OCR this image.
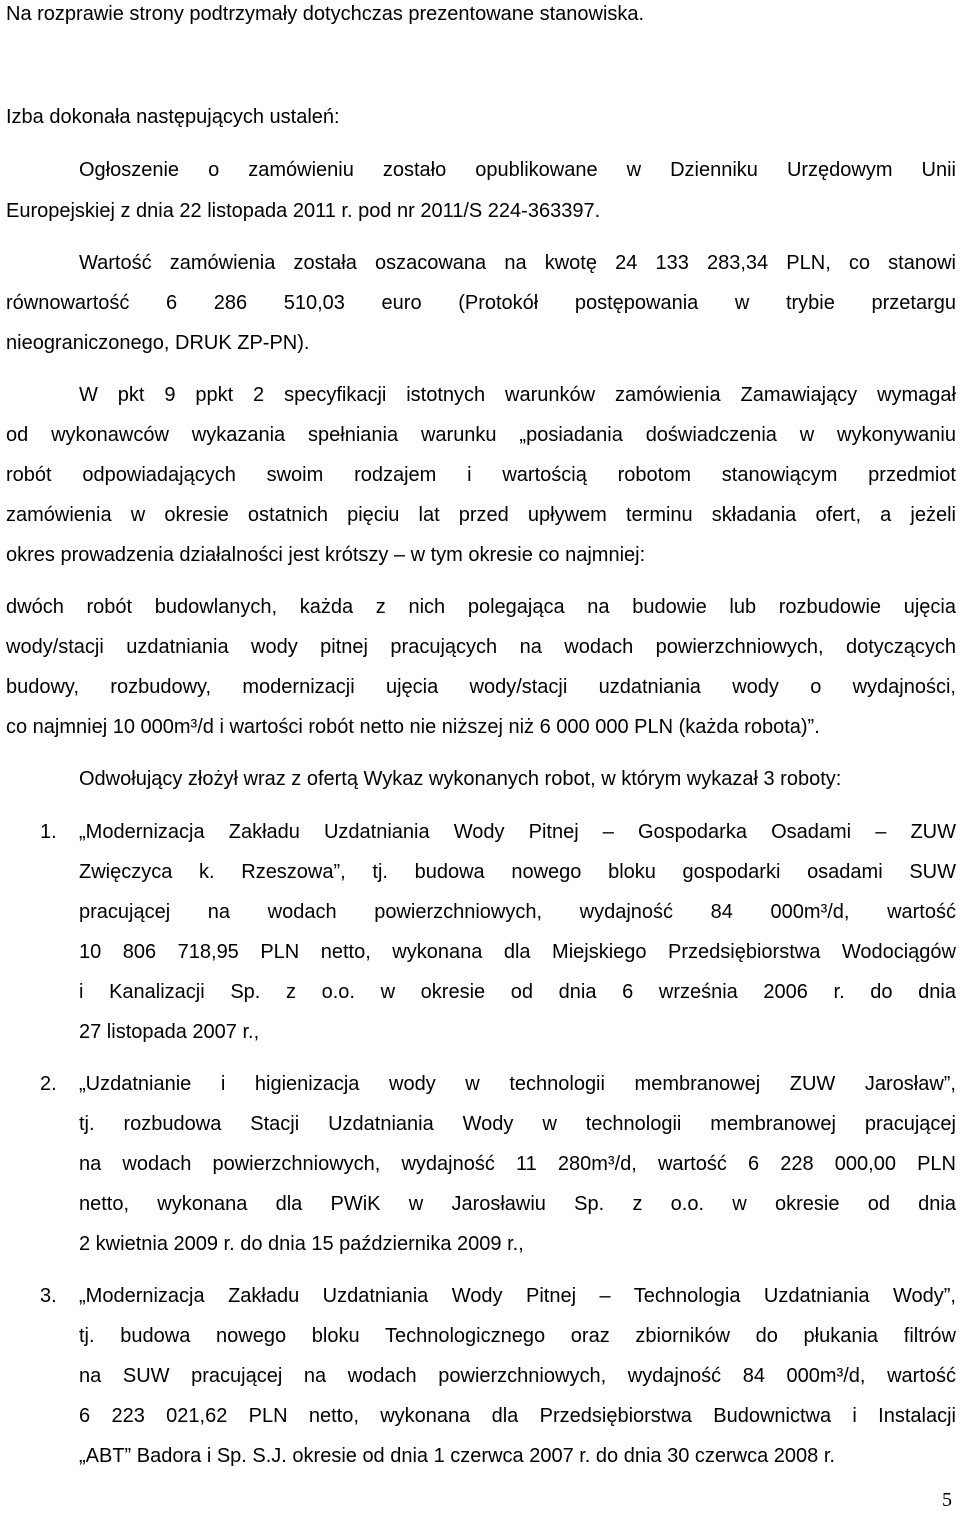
Na rozprawie strony podtrzymały dotychczas prezentowane stanowiska.
Izba dokonała następujących ustaleń:
Ogłoszenie o zamówieniu zostało opublikowane w Dzienniku Urzędowym Unii
Europejskiej z dnia 22 listopada 2011 r. pod nr 2011/S 224-363397.
Wartość zamówienia została oszacowana na kwotę 24 133 283,34 PLN, co stanowi
równowartość 6 286 510,03 euro (Protokół postępowania w trybie przetargu
nieograniczonego, DRUK ZP-PN).
W pkt 9 ppkt 2 specyfikacji istotnych warunków zamówienia Zamawiający wymagał
od wykonawców wykazania spełniania warunku „posiadania doświadczenia w wykonywaniu
robót odpowiadających swoim rodzajem i wartością robotom stanowiącym przedmiot
zamówienia w okresie ostatnich pięciu lat przed upływem terminu składania ofert, a jeżeli
okres prowadzenia działalności jest krótszy – w tym okresie co najmniej:
dwóch robót budowlanych, każda z nich polegająca na budowie lub rozbudowie ujęcia
wody/stacji uzdatniania wody pitnej pracujących na wodach powierzchniowych, dotyczących
budowy, rozbudowy, modernizacji ujęcia wody/stacji uzdatniania wody o wydajności,
co najmniej 10 000m³/d i wartości robót netto nie niższej niż 6 000 000 PLN (każda robota)”.
Odwołujący złożył wraz z ofertą Wykaz wykonanych robot, w którym wykazał 3 roboty:
1. „Modernizacja Zakładu Uzdatniania Wody Pitnej – Gospodarka Osadami – ZUW
Zwięczyca k. Rzeszowa”, tj. budowa nowego bloku gospodarki osadami SUW
pracującej na wodach powierzchniowych, wydajność 84 000m³/d, wartość
10 806 718,95 PLN netto, wykonana dla Miejskiego Przedsiębiorstwa Wodociągów
i Kanalizacji Sp. z o.o. w okresie od dnia 6 września 2006 r. do dnia
27 listopada 2007 r.,
2. „Uzdatnianie i higienizacja wody w technologii membranowej ZUW Jarosław”,
tj. rozbudowa Stacji Uzdatniania Wody w technologii membranowej pracującej
na wodach powierzchniowych, wydajność 11 280m³/d, wartość 6 228 000,00 PLN
netto, wykonana dla PWiK w Jarosławiu Sp. z o.o. w okresie od dnia
2 kwietnia 2009 r. do dnia 15 października 2009 r.,
3. „Modernizacja Zakładu Uzdatniania Wody Pitnej – Technologia Uzdatniania Wody”,
tj. budowa nowego bloku Technologicznego oraz zbiorników do płukania filtrów
na SUW pracującej na wodach powierzchniowych, wydajność 84 000m³/d, wartość
6 223 021,62 PLN netto, wykonana dla Przedsiębiorstwa Budownictwa i Instalacji
„ABT” Badora i Sp. S.J. okresie od dnia 1 czerwca 2007 r. do dnia 30 czerwca 2008 r.
5
